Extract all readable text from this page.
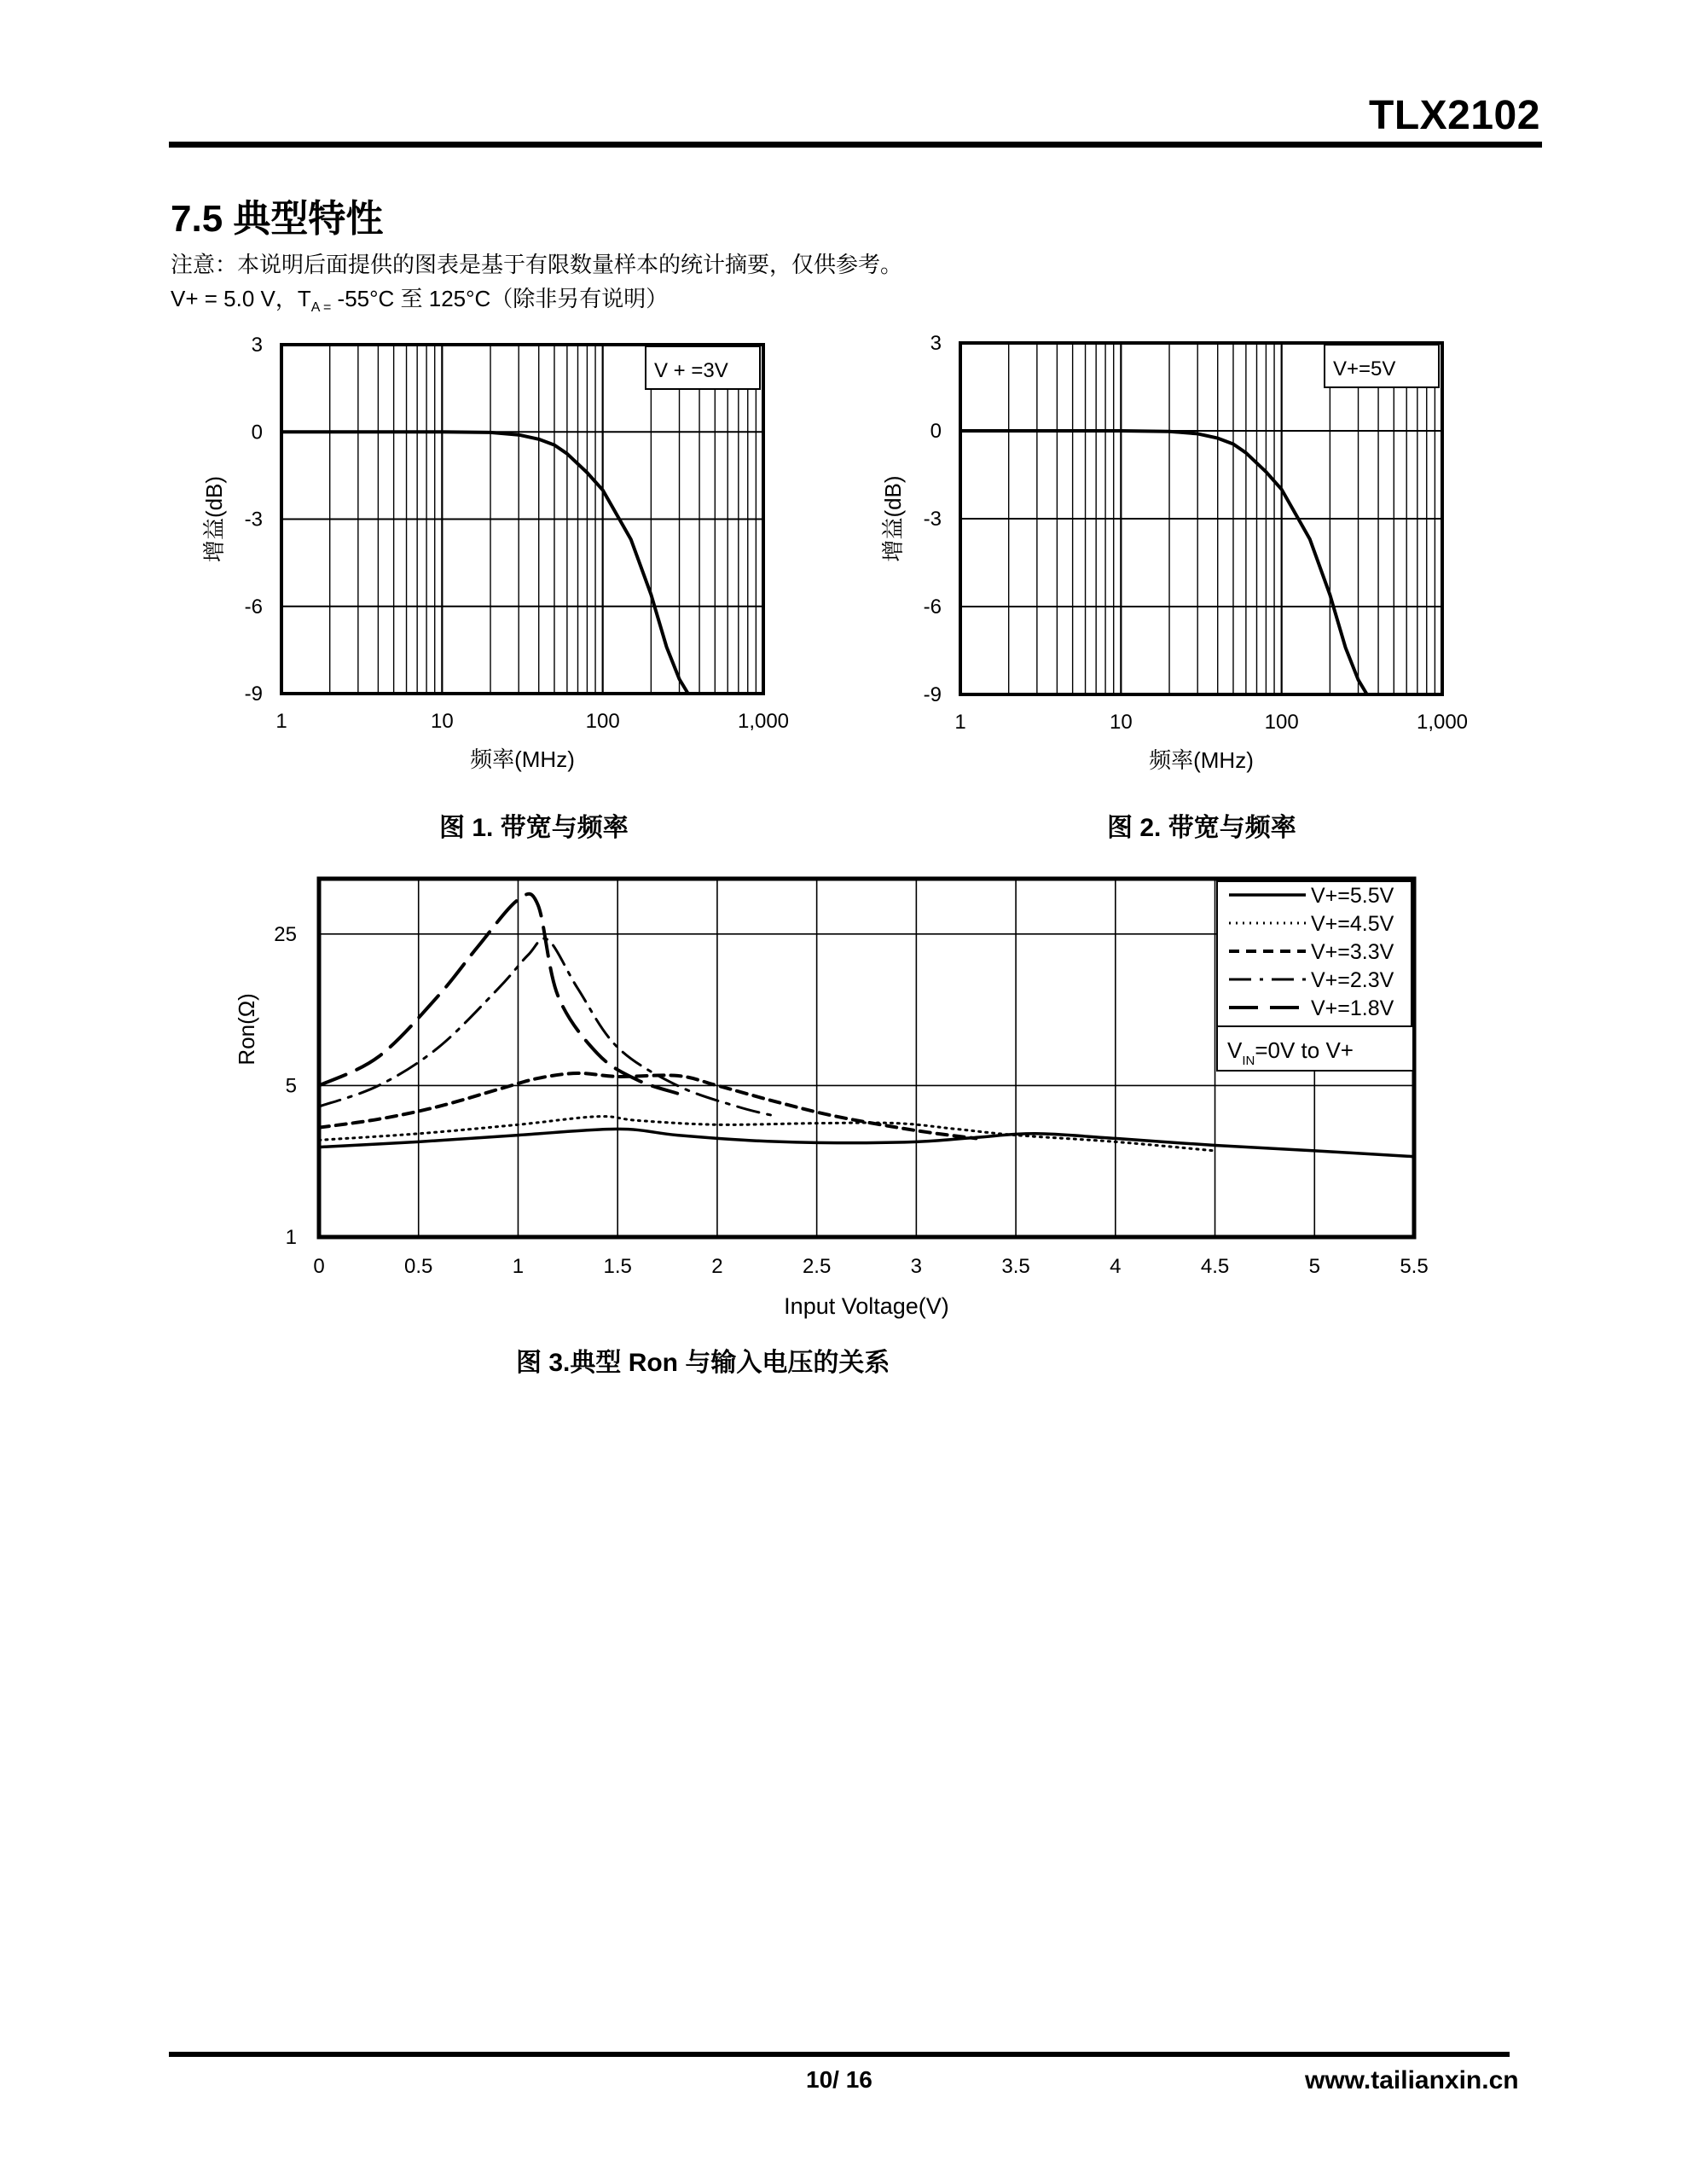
TLX2102
7.5 典型特性
注意：本说明后面提供的图表是基于有限数量样本的统计摘要，仅供参考。
V+ = 5.0 V，$T_{A =}$ -55°C 至 125°C（除非另有说明）
3
0
-3
-6
-9
1	10	100	1,000
频率(MHz)
增益(dB)
V + =3V
图 1. 带宽与频率
3
0
-3
-6
-9
1	10	100	1,000
频率(MHz)
增益(dB)
V+=5V
图 2. 带宽与频率
1
5
25
0	0.5	1	1.5	2	2.5	3	3.5	4	4.5	5	5.5
Input Voltage(V)
Ron(Ω)
V+=5.5V
V+=4.5V
V+=3.3V
V+=2.3V
V+=1.8V
$V_{IN}=0V$ to V+
图 3.典型 Ron 与输入电压的关系
10/ 16	www.tailianxin.cn
